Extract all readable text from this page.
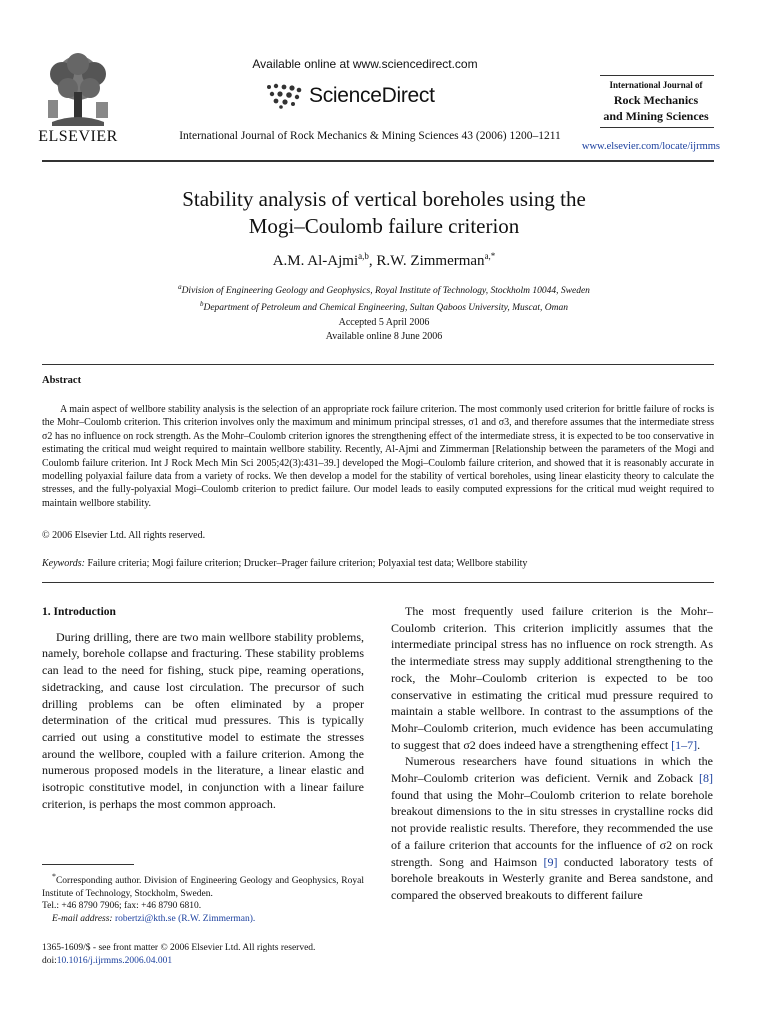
ELSEVIER
Available online at www.sciencedirect.com
ScienceDirect
International Journal of Rock Mechanics & Mining Sciences 43 (2006) 1200–1211
International Journal of
Rock Mechanics
and Mining Sciences
www.elsevier.com/locate/ijrmms
Stability analysis of vertical boreholes using the
Mogi–Coulomb failure criterion
A.M. Al-Ajmi$^{a,b}$, R.W. Zimmerman$^{a,*}$
$^a$Division of Engineering Geology and Geophysics, Royal Institute of Technology, Stockholm 10044, Sweden
$^b$Department of Petroleum and Chemical Engineering, Sultan Qaboos University, Muscat, Oman
Accepted 5 April 2006
Available online 8 June 2006
Abstract
A main aspect of wellbore stability analysis is the selection of an appropriate rock failure criterion. The most commonly used criterion for brittle failure of rocks is the Mohr–Coulomb criterion. This criterion involves only the maximum and minimum principal stresses, σ1 and σ3, and therefore assumes that the intermediate stress σ2 has no influence on rock strength. As the Mohr–Coulomb criterion ignores the strengthening effect of the intermediate stress, it is expected to be too conservative in estimating the critical mud weight required to maintain wellbore stability. Recently, Al-Ajmi and Zimmerman [Relationship between the parameters of the Mogi and Coulomb failure criterion. Int J Rock Mech Min Sci 2005;42(3):431–39.] developed the Mogi–Coulomb failure criterion, and showed that it is reasonably accurate in modelling polyaxial failure data from a variety of rocks. We then develop a model for the stability of vertical boreholes, using linear elasticity theory to calculate the stresses, and the fully-polyaxial Mogi–Coulomb criterion to predict failure. Our model leads to easily computed expressions for the critical mud weight required to maintain wellbore stability.
© 2006 Elsevier Ltd. All rights reserved.
Keywords: Failure criteria; Mogi failure criterion; Drucker–Prager failure criterion; Polyaxial test data; Wellbore stability
1. Introduction

During drilling, there are two main wellbore stability problems, namely, borehole collapse and fracturing. These stability problems can lead to the need for fishing, stuck pipe, reaming operations, sidetracking, and cause lost circulation. The precursor of such drilling problems can be often eliminated by a proper determination of the critical mud pressures. This is typically carried out using a constitutive model to estimate the stresses around the wellbore, coupled with a failure criterion. Among the numerous proposed models in the literature, a linear elastic and isotropic constitutive model, in conjunction with a linear failure criterion, is perhaps the most common approach.

*Corresponding author. Division of Engineering Geology and Geophysics, Royal Institute of Technology, Stockholm, Sweden.
Tel.: +46 8790 7906; fax: +46 8790 6810.
E-mail address: robertzi@kth.se (R.W. Zimmerman).
1365-1609/$ - see front matter © 2006 Elsevier Ltd. All rights reserved.
doi:10.1016/j.ijrmms.2006.04.001

The most frequently used failure criterion is the Mohr–Coulomb criterion. This criterion implicitly assumes that the intermediate principal stress has no influence on rock strength. As the intermediate stress may supply additional strengthening to the rock, the Mohr–Coulomb criterion is expected to be too conservative in estimating the critical mud pressure required to maintain a stable wellbore. In contrast to the assumptions of the Mohr–Coulomb criterion, much evidence has been accumulating to suggest that σ2 does indeed have a strengthening effect [1–7].

Numerous researchers have found situations in which the Mohr–Coulomb criterion was deficient. Vernik and Zoback [8] found that using the Mohr–Coulomb criterion to relate borehole breakout dimensions to the in situ stresses in crystalline rocks did not provide realistic results. Therefore, they recommended the use of a failure criterion that accounts for the influence of σ2 on rock strength. Song and Haimson [9] conducted laboratory tests of borehole breakouts in Westerly granite and Berea sandstone, and compared the observed breakouts to different failure
